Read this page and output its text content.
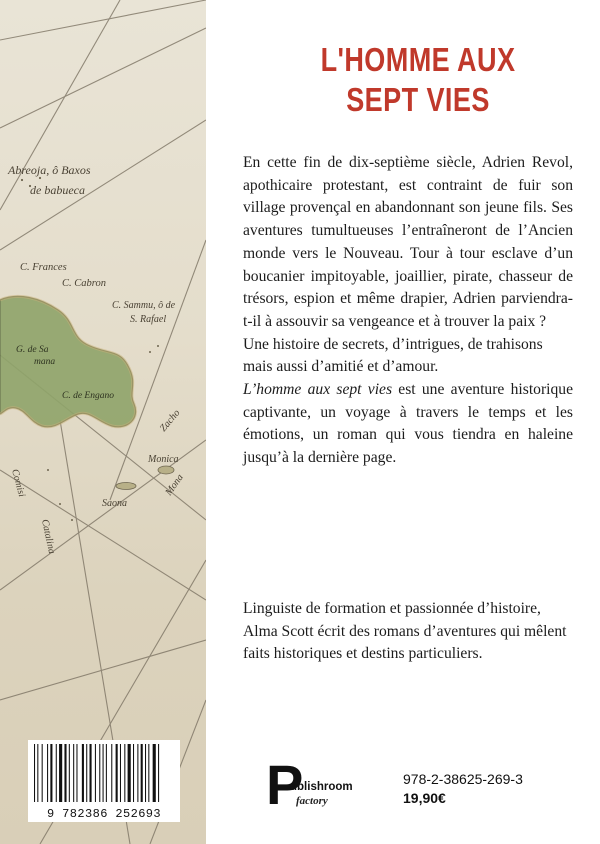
Abreoja, ô Baxos
de babueca
C. Frances
C. Cabron
C. Sammu, ô de
S. Rafael
G. de Sa
mana
C. de Engano
Zacho
Monica
Mona
Saona
Catalina
Comisi
9 782386 252693
L'HOMME AUX
SEPT VIES

En cette fin de dix-septième siècle, Adrien Revol, apothicaire protestant, est contraint de fuir son village provençal en abandonnant son jeune fils. Ses aventures tumultueuses l’entraîneront de l’Ancien monde vers le Nouveau. Tour à tour esclave d’un boucanier impitoyable, joaillier, pirate, chasseur de trésors, espion et même drapier, Adrien parviendra-t-il à assouvir sa vengeance et à trouver la paix ?

Une histoire de secrets, d’intrigues, de trahisons mais aussi d’amitié et d’amour.

L’homme aux sept vies est une aventure historique captivante, un voyage à travers le temps et les émotions, un roman qui vous tiendra en haleine jusqu’à la dernière page.

Linguiste de formation et passionnée d’histoire, Alma Scott écrit des romans d’aventures qui mêlent faits historiques et destins particuliers.
P
ublishroom
factory
978-2-38625-269-3
19,90€
